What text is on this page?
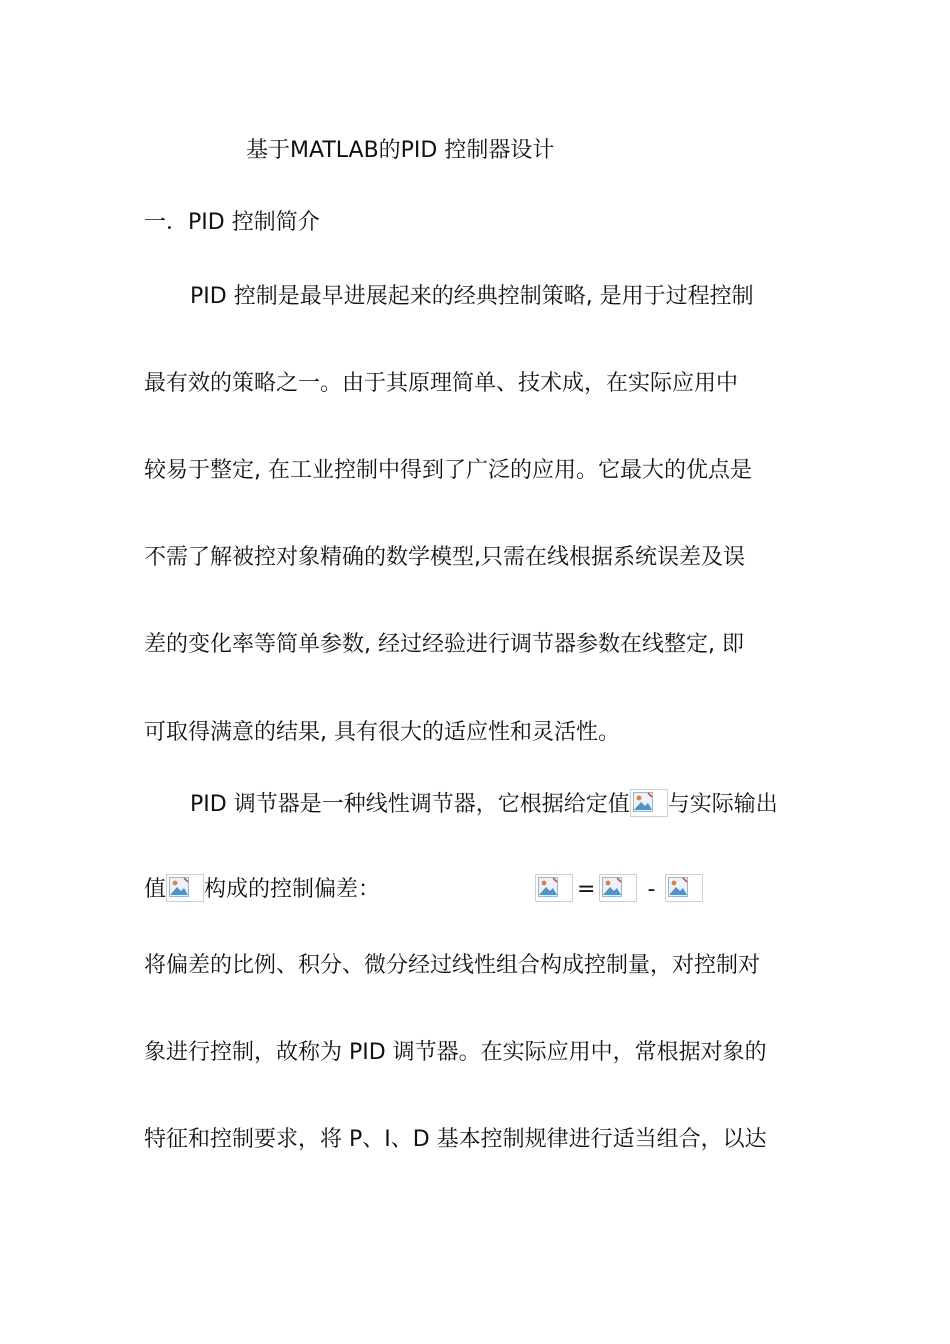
基于MATLAB的PID 控制器设计
一．PID 控制简介
PID 控制是最早进展起来的经典控制策略, 是用于过程控制
最有效的策略之一。由于其原理简单、技术成，在实际应用中
较易于整定, 在工业控制中得到了广泛的应用。它最大的优点是
不需了解被控对象精确的数学模型,只需在线根据系统误差及误
差的变化率等简单参数, 经过经验进行调节器参数在线整定, 即
可取得满意的结果, 具有很大的适应性和灵活性。
PID 调节器是一种线性调节器，它根据给定值 与实际输出
值 构成的控制偏差：	= -
将偏差的比例、积分、微分经过线性组合构成控制量，对控制对
象进行控制，故称为 PID 调节器。在实际应用中，常根据对象的
特征和控制要求，将 P、I、D 基本控制规律进行适当组合，以达
